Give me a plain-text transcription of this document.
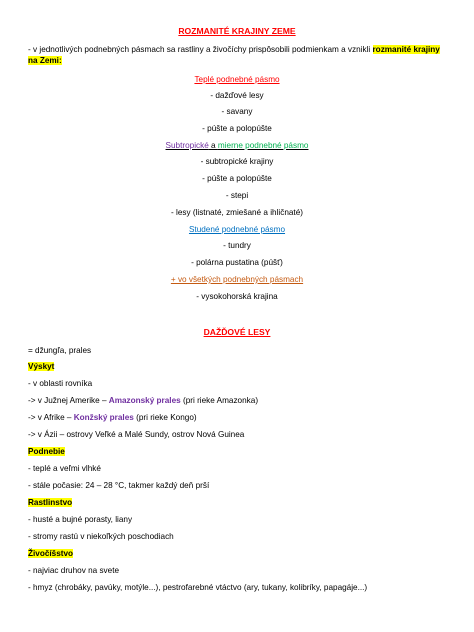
ROZMANITÉ KRAJINY ZEME
- v jednotlivých podnebných pásmach sa rastliny a živočíchy prispôsobili podmienkam a vznikli rozmanité krajiny na Zemi:
Teplé podnebné pásmo
- dažďové lesy
- savany
- púšte a polopúšte
Subtropické a mierne podnebné pásmo
- subtropické krajiny
- púšte a polopúšte
- stepi
- lesy (listnaté, zmiešané a ihličnaté)
Studené podnebné pásmo
- tundry
- polárna pustatina (púšť)
+ vo všetkých podnebných pásmach
- vysokohorská krajina
DAŽĎOVÉ LESY
= džungľa, prales
Výskyt
- v oblasti rovníka
-> v Južnej Amerike – Amazonský prales (pri rieke Amazonka)
-> v Afrike – Konžský prales (pri rieke Kongo)
-> v Ázii – ostrovy Veľké a Malé Sundy, ostrov Nová Guinea
Podnebie
- teplé a veľmi vlhké
- stále počasie: 24 – 28 °C, takmer každý deň prší
Rastlinstvo
- husté a bujné porasty, liany
- stromy rastú v niekoľkých poschodiach
Živočíšstvo
- najviac druhov na svete
- hmyz (chrobáky, pavúky, motýle...), pestrofarebné vtáctvo (ary, tukany, kolibríky, papagáje...)
